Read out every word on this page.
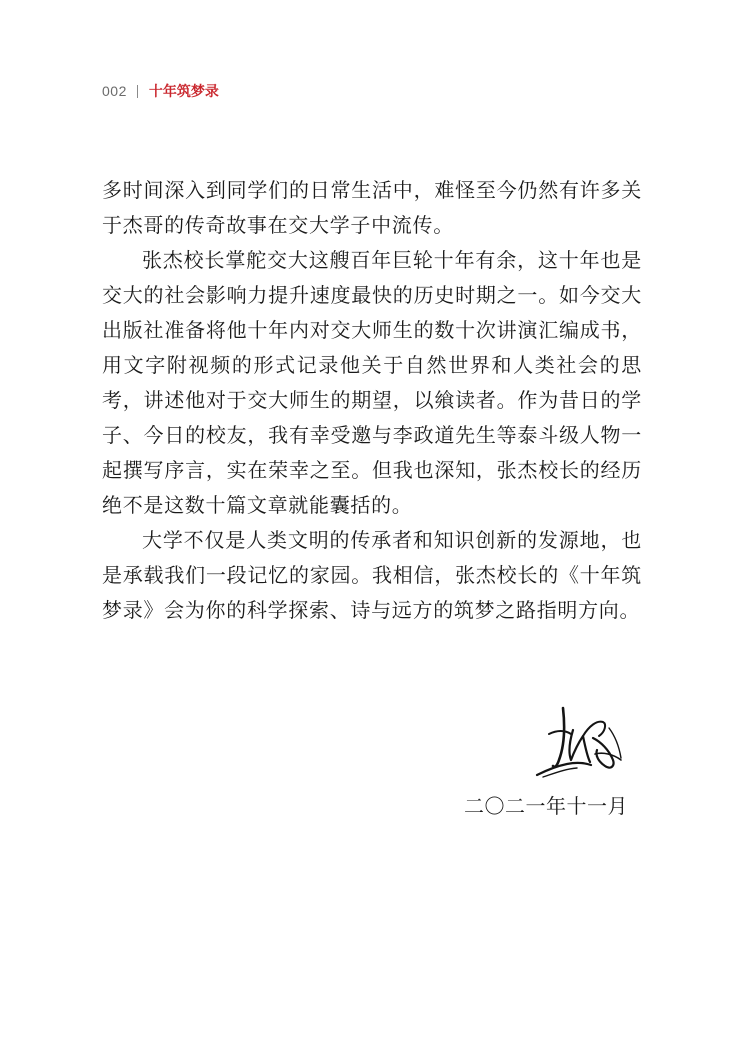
002 十年筑梦录

多时间深入到同学们的日常生活中，难怪至今仍然有许多关于杰哥的传奇故事在交大学子中流传。

张杰校长掌舵交大这艘百年巨轮十年有余，这十年也是交大的社会影响力提升速度最快的历史时期之一。如今交大出版社准备将他十年内对交大师生的数十次讲演汇编成书，用文字附视频的形式记录他关于自然世界和人类社会的思考，讲述他对于交大师生的期望，以飨读者。作为昔日的学子、今日的校友，我有幸受邀与李政道先生等泰斗级人物一起撰写序言，实在荣幸之至。但我也深知，张杰校长的经历绝不是这数十篇文章就能囊括的。

大学不仅是人类文明的传承者和知识创新的发源地，也是承载我们一段记忆的家园。我相信，张杰校长的《十年筑梦录》会为你的科学探索、诗与远方的筑梦之路指明方向。

二〇二一年十一月
